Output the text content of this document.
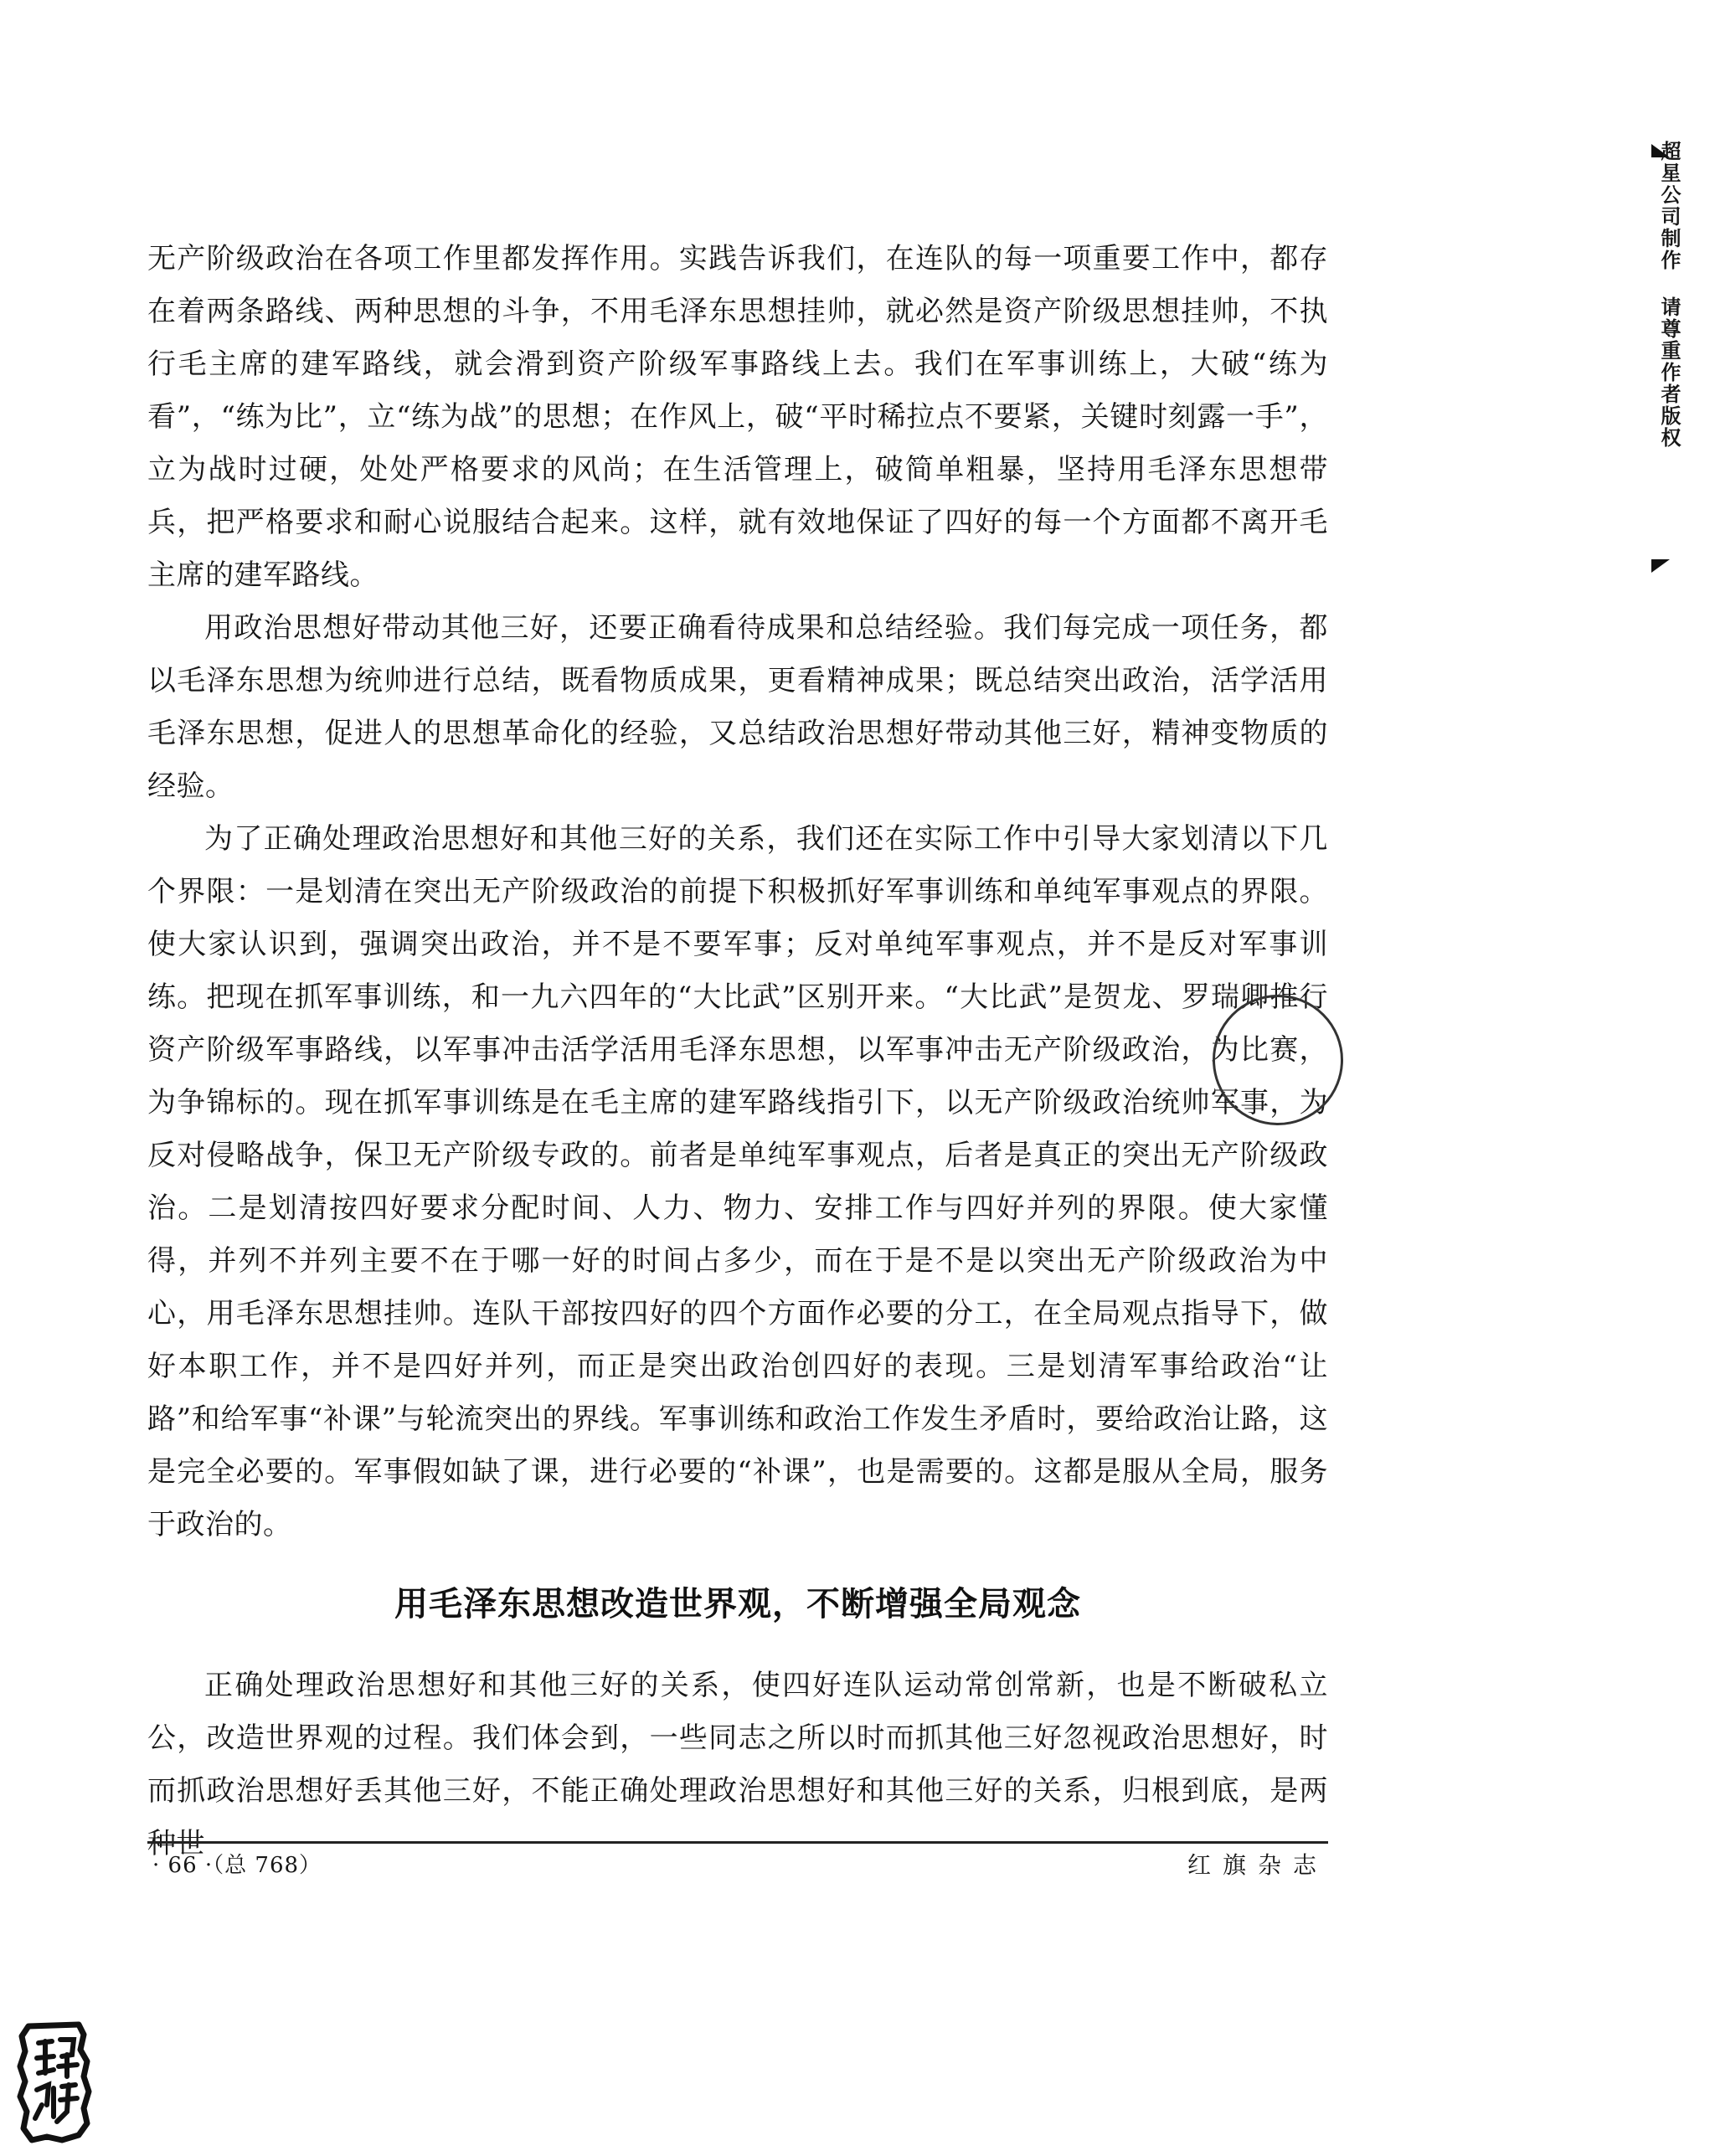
无产阶级政治在各项工作里都发挥作用。实践告诉我们，在连队的每一项重要工作中，都存在着两条路线、两种思想的斗争，不用毛泽东思想挂帅，就必然是资产阶级思想挂帅，不执行毛主席的建军路线，就会滑到资产阶级军事路线上去。我们在军事训练上，大破“练为看”，“练为比”，立“练为战”的思想；在作风上，破“平时稀拉点不要紧，关键时刻露一手”，立为战时过硬，处处严格要求的风尚；在生活管理上，破简单粗暴，坚持用毛泽东思想带兵，把严格要求和耐心说服结合起来。这样，就有效地保证了四好的每一个方面都不离开毛主席的建军路线。

用政治思想好带动其他三好，还要正确看待成果和总结经验。我们每完成一项任务，都以毛泽东思想为统帅进行总结，既看物质成果，更看精神成果；既总结突出政治，活学活用毛泽东思想，促进人的思想革命化的经验，又总结政治思想好带动其他三好，精神变物质的经验。

为了正确处理政治思想好和其他三好的关系，我们还在实际工作中引导大家划清以下几个界限：一是划清在突出无产阶级政治的前提下积极抓好军事训练和单纯军事观点的界限。使大家认识到，强调突出政治，并不是不要军事；反对单纯军事观点，并不是反对军事训练。把现在抓军事训练，和一九六四年的“大比武”区别开来。“大比武”是贺龙、罗瑞卿推行资产阶级军事路线，以军事冲击活学活用毛泽东思想，以军事冲击无产阶级政治，为比赛，为争锦标的。现在抓军事训练是在毛主席的建军路线指引下，以无产阶级政治统帅军事，为反对侵略战争，保卫无产阶级专政的。前者是单纯军事观点，后者是真正的突出无产阶级政治。二是划清按四好要求分配时间、人力、物力、安排工作与四好并列的界限。使大家懂得，并列不并列主要不在于哪一好的时间占多少，而在于是不是以突出无产阶级政治为中心，用毛泽东思想挂帅。连队干部按四好的四个方面作必要的分工，在全局观点指导下，做好本职工作，并不是四好并列，而正是突出政治创四好的表现。三是划清军事给政治“让路”和给军事“补课”与轮流突出的界线。军事训练和政治工作发生矛盾时，要给政治让路，这是完全必要的。军事假如缺了课，进行必要的“补课”，也是需要的。这都是服从全局，服务于政治的。

用毛泽东思想改造世界观，不断增强全局观念

正确处理政治思想好和其他三好的关系，使四好连队运动常创常新，也是不断破私立公，改造世界观的过程。我们体会到，一些同志之所以时而抓其他三好忽视政治思想好，时而抓政治思想好丢其他三好，不能正确处理政治思想好和其他三好的关系，归根到底，是两种世

· 66 ·（总 768）	红旗杂志
超星公司制作 请尊重作者版权
